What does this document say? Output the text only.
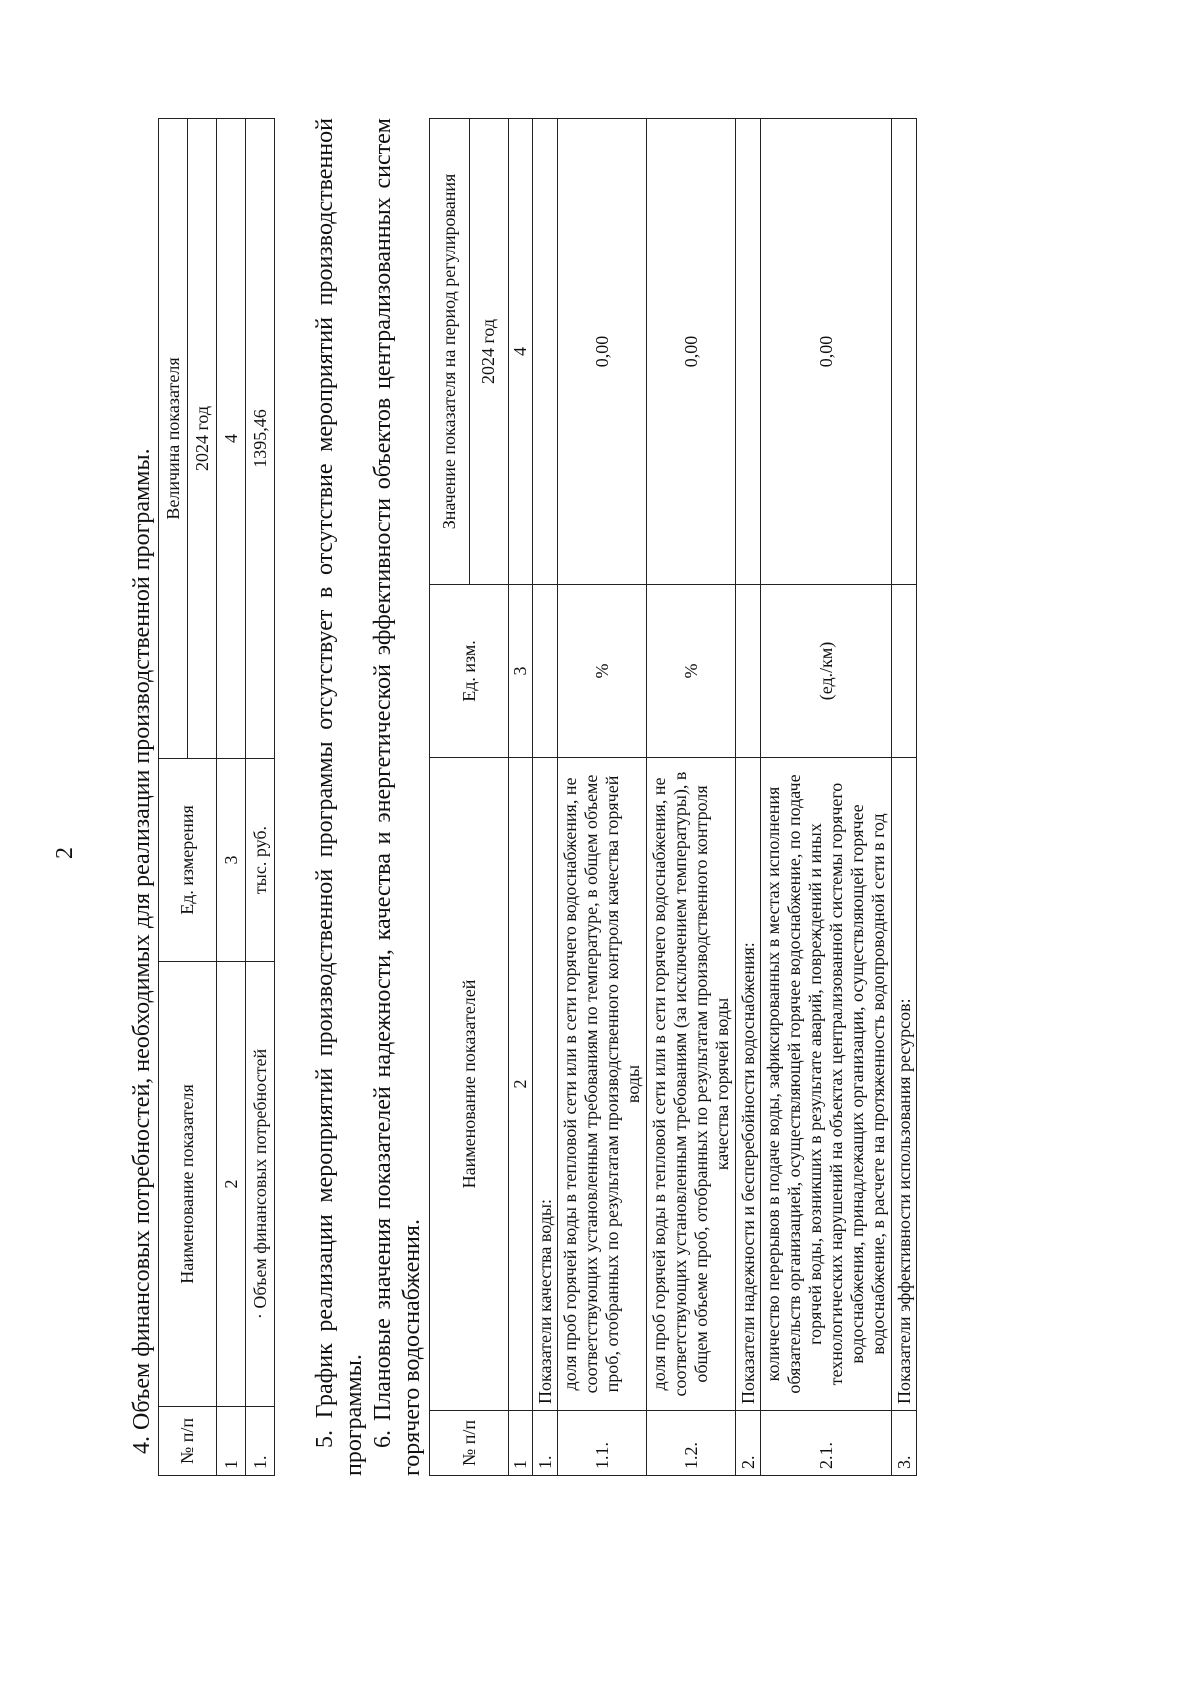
2 4. Объем финансовых потребностей, необходимых для реализации производственной программы. № п/п	Наименование показателя	Ед. измерения	Величина показателя
			2024 год
1	2	3	4
1.	· Объем финансовых потребностей	тыс. руб.	1395,46 5. График реализации мероприятий производственной программы отсутствует в отсутствие мероприятий производственной программы. 6. Плановые значения показателей надежности, качества и энергетической эффективности объектов централизованных систем горячего водоснабжения. № п/п	Наименование показателей	Ед. изм.	Значение показателя на период регулирования
			2024 год
1	2	3	4
1.	Показатели качества воды:		
1.1.	доля проб горячей воды в тепловой сети или в сети горячего водоснабжения, не соответствующих установленным требованиям по температуре, в общем объеме проб, отобранных по результатам производственного контроля качества горячей воды	%	0,00
1.2.	доля проб горячей воды в тепловой сети или в сети горячего водоснабжения, не соответствующих установленным требованиям (за исключением температуры), в общем объеме проб, отобранных по результатам производственного контроля качества горячей воды	%	0,00
2.	Показатели надежности и бесперебойности водоснабжения:		
2.1.	количество перерывов в подаче воды, зафиксированных в местах исполнения обязательств организацией, осуществляющей горячее водоснабжение, по подаче горячей воды, возникших в результате аварий, повреждений и иных технологических нарушений на объектах централизованной системы горячего водоснабжения, принадлежащих организации, осуществляющей горячее водоснабжение, в расчете на протяженность водопроводной сети в год	(ед./км)	0,00
3.	Показатели эффективности использования ресурсов:		
